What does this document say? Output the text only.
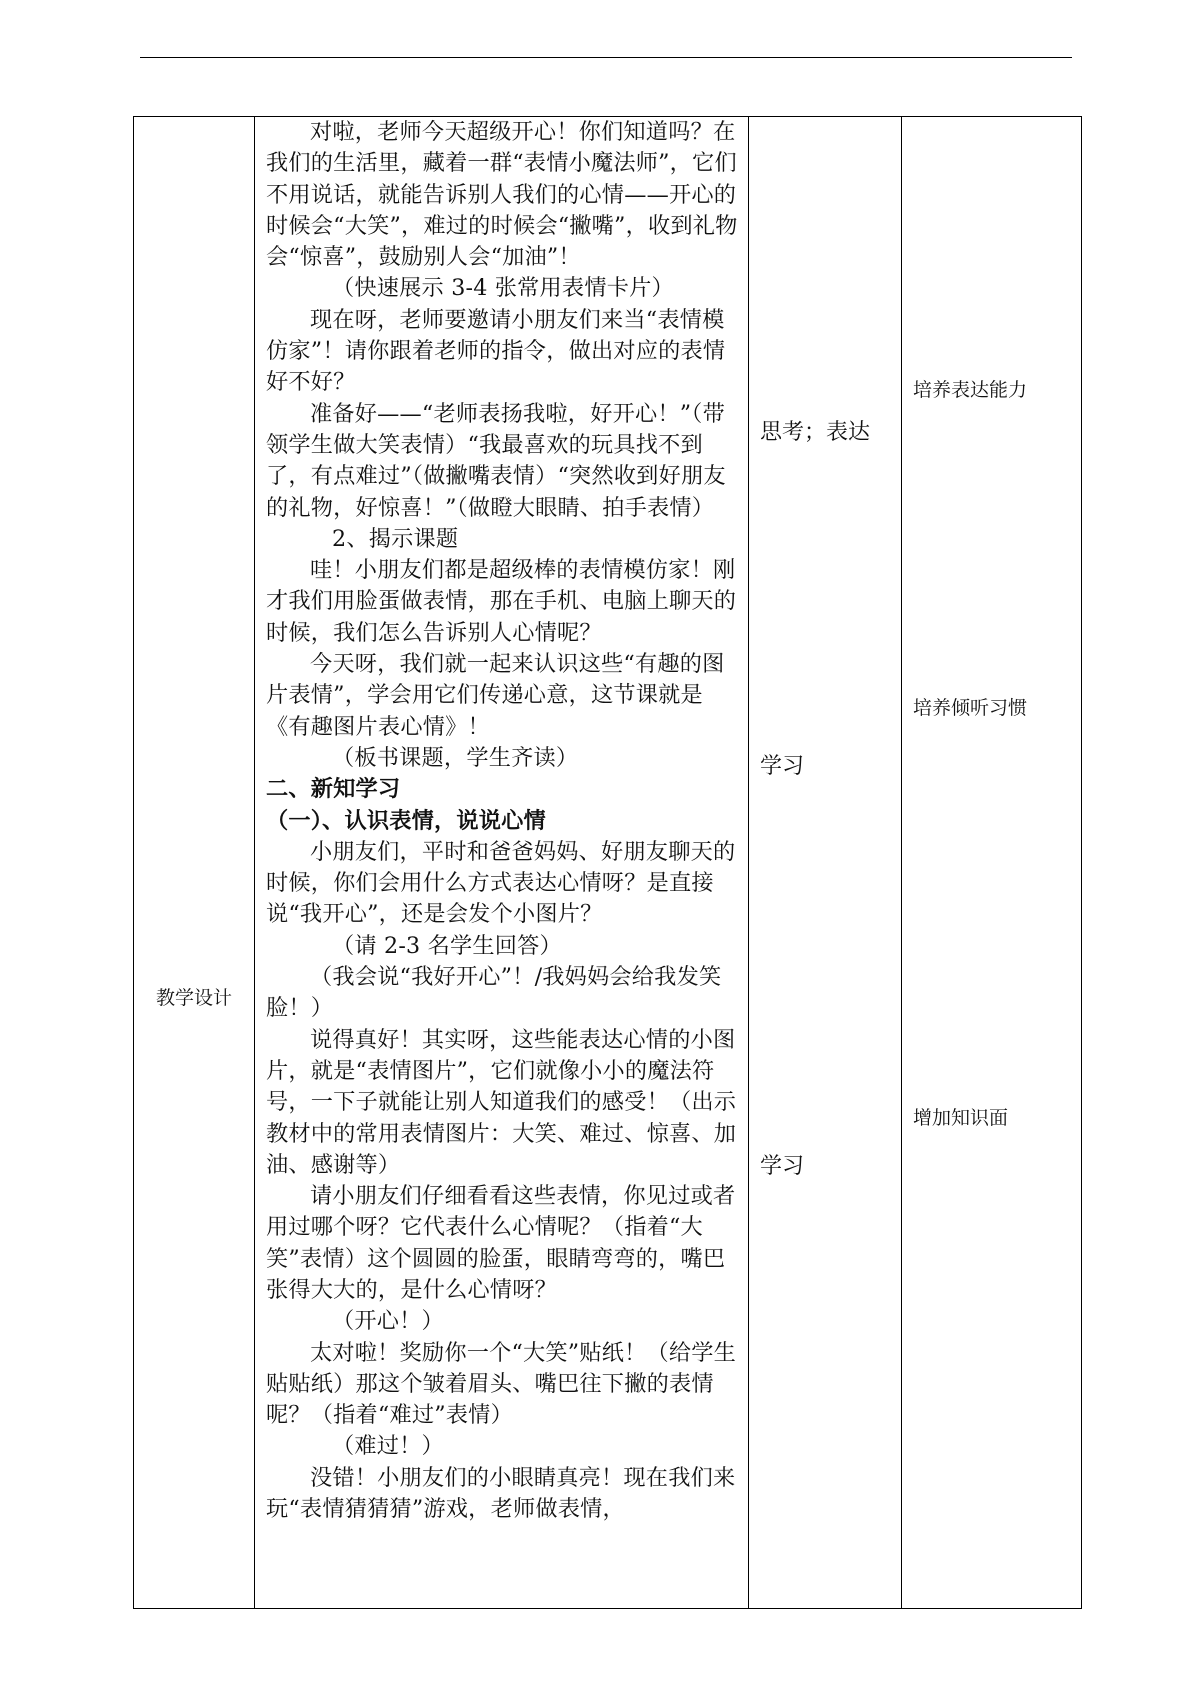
教学设计

对啦，老师今天超级开心！你们知道吗？在我们的生活里，藏着一群“表情小魔法师”，它们不用说话，就能告诉别人我们的心情——开心的时候会“大笑”，难过的时候会“撇嘴”，收到礼物会“惊喜”，鼓励别人会“加油”！

（快速展示 3-4 张常用表情卡片）

现在呀，老师要邀请小朋友们来当“表情模仿家”！请你跟着老师的指令，做出对应的表情好不好？

准备好——“老师表扬我啦，好开心！”（带领学生做大笑表情）“我最喜欢的玩具找不到了，有点难过”（做撇嘴表情）“突然收到好朋友的礼物，好惊喜！”（做瞪大眼睛、拍手表情）

2、揭示课题

哇！小朋友们都是超级棒的表情模仿家！刚才我们用脸蛋做表情，那在手机、电脑上聊天的时候，我们怎么告诉别人心情呢？

今天呀，我们就一起来认识这些“有趣的图片表情”，学会用它们传递心意，这节课就是《有趣图片表心情》！

（板书课题，学生齐读）

二、新知学习

（一）、认识表情，说说心情

小朋友们，平时和爸爸妈妈、好朋友聊天的时候，你们会用什么方式表达心情呀？是直接说“我开心”，还是会发个小图片？

（请 2-3 名学生回答）

（我会说“我好开心”！/我妈妈会给我发笑脸！）

说得真好！其实呀，这些能表达心情的小图片，就是“表情图片”，它们就像小小的魔法符号，一下子就能让别人知道我们的感受！（出示教材中的常用表情图片：大笑、难过、惊喜、加油、感谢等）

请小朋友们仔细看看这些表情，你见过或者用过哪个呀？它代表什么心情呢？（指着“大笑”表情）这个圆圆的脸蛋，眼睛弯弯的，嘴巴张得大大的，是什么心情呀？

（开心！）

太对啦！奖励你一个“大笑”贴纸！（给学生贴贴纸）那这个皱着眉头、嘴巴往下撇的表情呢？（指着“难过”表情）

（难过！）

没错！小朋友们的小眼睛真亮！现在我们来玩“表情猜猜猜”游戏，老师做表情，

思考；表达
学习
学习
培养表达能力
培养倾听习惯
增加知识面
